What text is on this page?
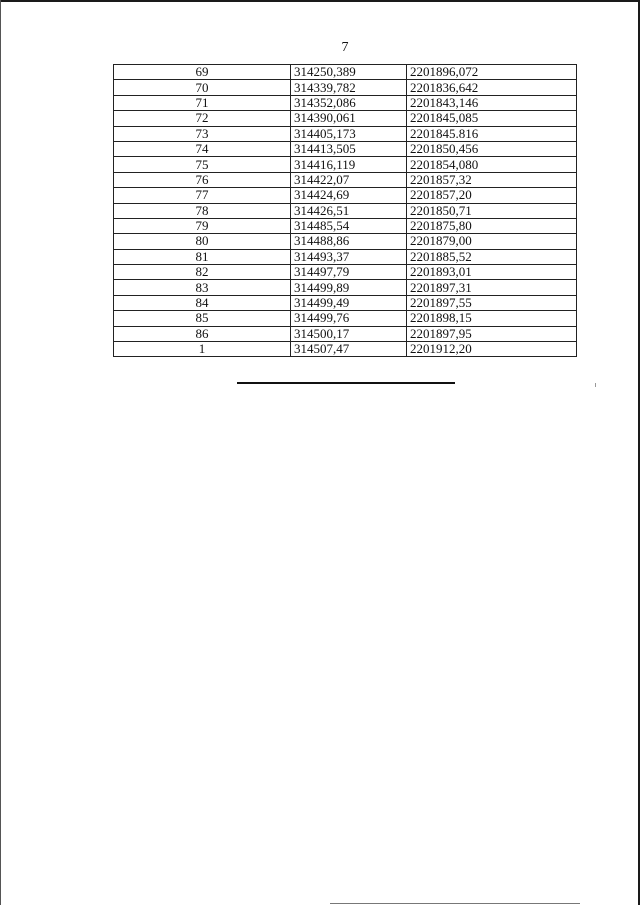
7
69	314250,389	2201896,072
70	314339,782	2201836,642
71	314352,086	2201843,146
72	314390,061	2201845,085
73	314405,173	2201845.816
74	314413,505	2201850,456
75	314416,119	2201854,080
76	314422,07	2201857,32
77	314424,69	2201857,20
78	314426,51	2201850,71
79	314485,54	2201875,80
80	314488,86	2201879,00
81	314493,37	2201885,52
82	314497,79	2201893,01
83	314499,89	2201897,31
84	314499,49	2201897,55
85	314499,76	2201898,15
86	314500,17	2201897,95
1	314507,47	2201912,20
